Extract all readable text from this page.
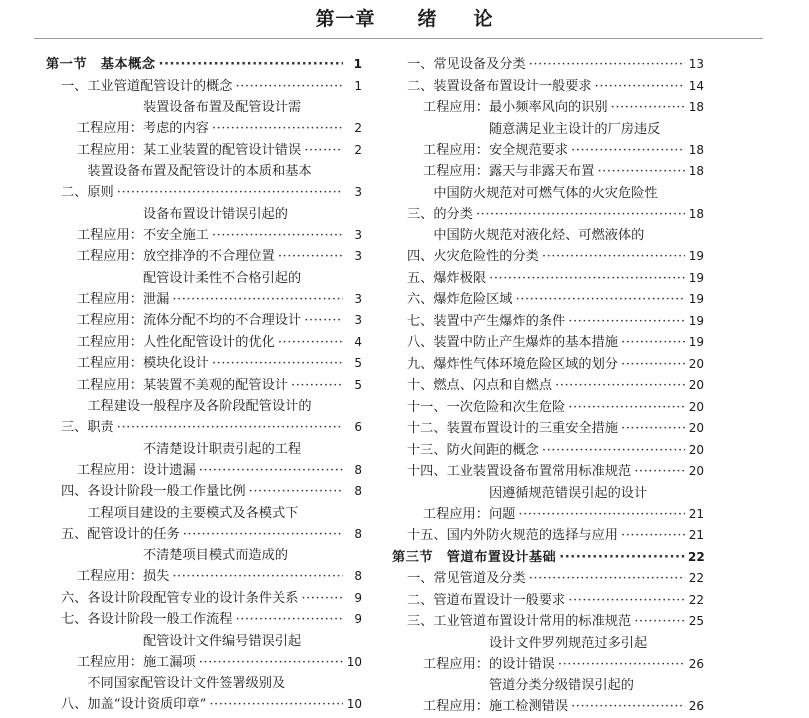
第一章 绪 论
第一节　基本概念 ·····	1
一、 工业管道配管设计的概念 ·····	1
工程应用：
装置设备布置及配管设计需
考虑的内容 ·····	2
工程应用： 某工业装置的配管设计错误 ·····	2
二、
装置设备布置及配管设计的本质和基本
原则 ·····	3
工程应用：
设备布置设计错误引起的
不安全施工 ·····	3
工程应用： 放空排净的不合理位置 ·····	3
工程应用：
配管设计柔性不合格引起的
泄漏 ·····	3
工程应用： 流体分配不均的不合理设计 ·····	3
工程应用： 人性化配管设计的优化 ·····	4
工程应用： 模块化设计 ·····	5
工程应用： 某装置不美观的配管设计 ·····	5
三、
工程建设一般程序及各阶段配管设计的
职责 ·····	6
工程应用：
不清楚设计职责引起的工程
设计遗漏 ·····	8
四、 各设计阶段一般工作量比例 ·····	8
五、
工程项目建设的主要模式及各模式下
配管设计的任务 ·····	8
工程应用：
不清楚项目模式而造成的
损失 ·····	8
六、 各设计阶段配管专业的设计条件关系 ·····	9
七、 各设计阶段一般工作流程 ·····	9
工程应用：
配管设计文件编号错误引起
施工漏项 ·····	10
八、
不同国家配管设计文件签署级别及
加盖“设计资质印章” ·····	10
一、 常见设备及分类 ·····	13
二、 装置设备布置设计一般要求 ·····	14
工程应用： 最小频率风向的识别 ·····	18
工程应用：
随意满足业主设计的厂房违反
安全规范要求 ·····	18
工程应用： 露天与非露天布置 ·····	18
三、
中国防火规范对可燃气体的火灾危险性
的分类 ·····	18
四、
中国防火规范对液化烃、可燃液体的
火灾危险性的分类 ·····	19
五、 爆炸极限 ·····	19
六、 爆炸危险区域 ·····	19
七、 装置中产生爆炸的条件 ·····	19
八、 装置中防止产生爆炸的基本措施 ·····	19
九、 爆炸性气体环境危险区域的划分 ·····	20
十、 燃点、闪点和自燃点 ·····	20
十一、 一次危险和次生危险 ·····	20
十二、 装置布置设计的三重安全措施 ·····	20
十三、 防火间距的概念 ·····	20
十四、 工业装置设备布置常用标准规范 ·····	20
工程应用：
因遵循规范错误引起的设计
问题 ·····	21
十五、 国内外防火规范的选择与应用 ·····	21
第三节　管道布置设计基础 ·····	22
一、 常见管道及分类 ·····	22
二、 管道布置设计一般要求 ·····	22
三、 工业管道布置设计常用的标准规范 ·····	25
工程应用：
设计文件罗列规范过多引起
的设计错误 ·····	26
工程应用：
管道分类分级错误引起的
施工检测错误 ·····	26
